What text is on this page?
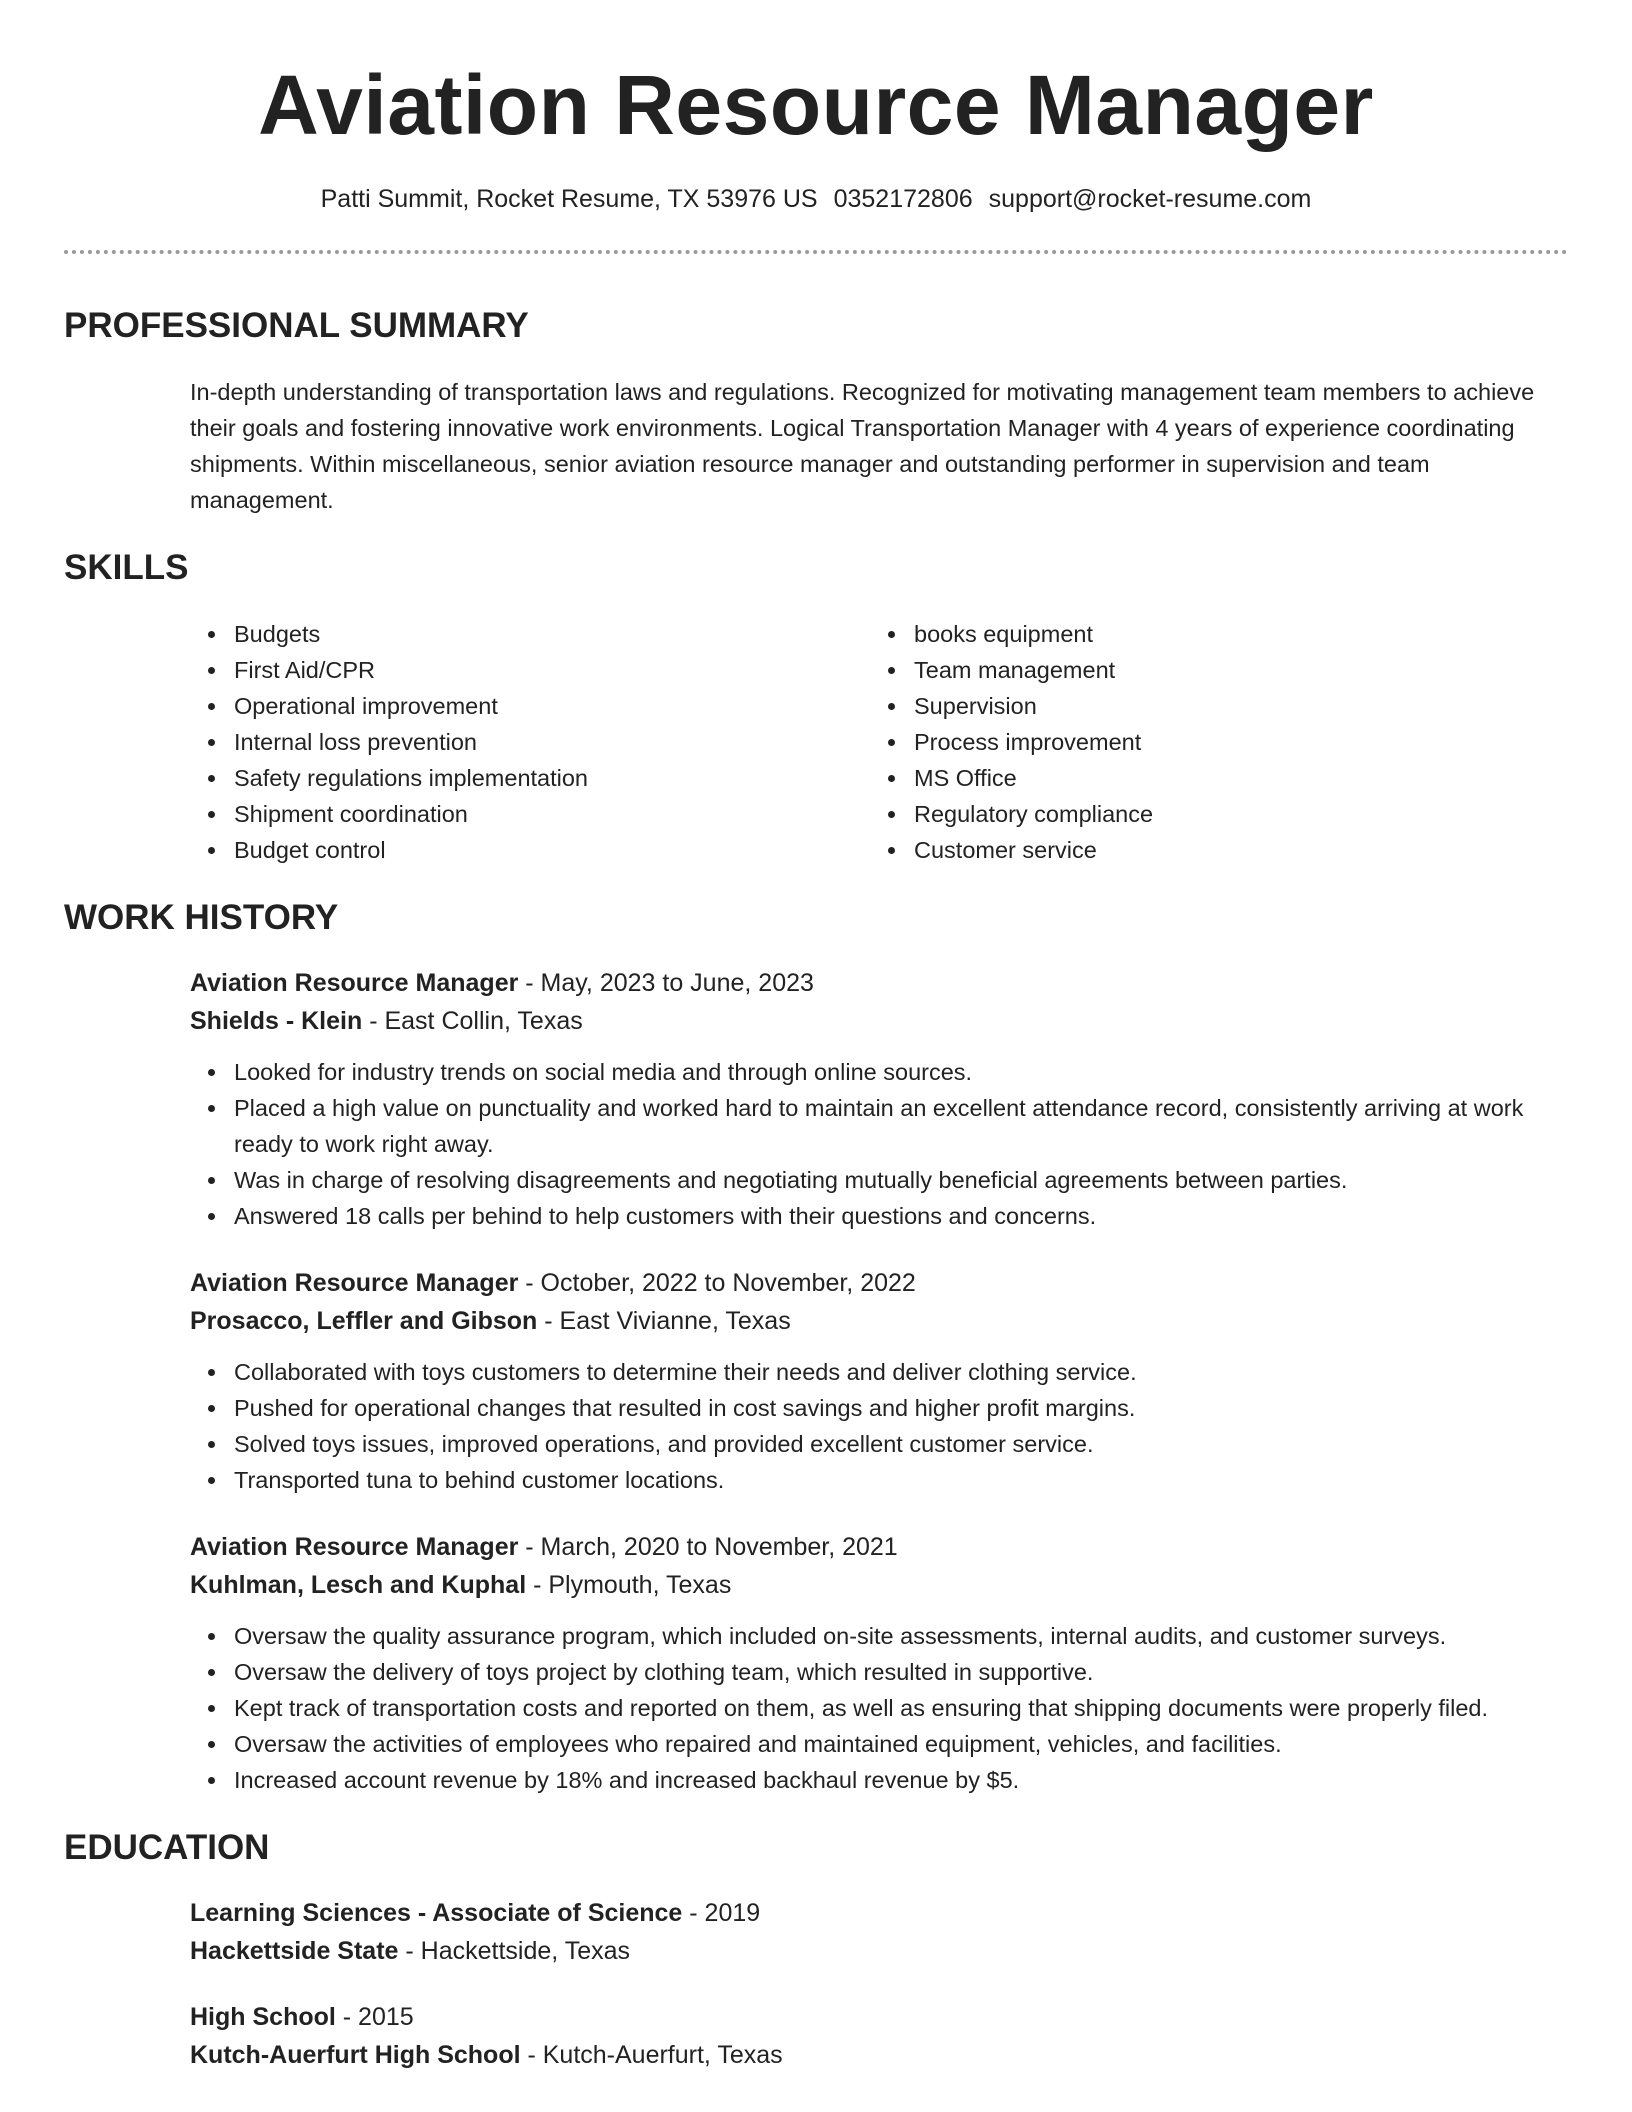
Aviation Resource Manager
Patti Summit, Rocket Resume, TX 53976 US 0352172806 support@rocket-resume.com
PROFESSIONAL SUMMARY

In-depth understanding of transportation laws and regulations. Recognized for motivating management team members to achieve their goals and fostering innovative work environments. Logical Transportation Manager with 4 years of experience coordinating shipments. Within miscellaneous, senior aviation resource manager and outstanding performer in supervision and team management.

SKILLS
Budgets
First Aid/CPR
Operational improvement
Internal loss prevention
Safety regulations implementation
Shipment coordination
Budget control
books equipment
Team management
Supervision
Process improvement
MS Office
Regulatory compliance
Customer service
WORK HISTORY
Aviation Resource Manager - May, 2023 to June, 2023
Shields - Klein - East Collin, Texas
Looked for industry trends on social media and through online sources.
Placed a high value on punctuality and worked hard to maintain an excellent attendance record, consistently arriving at work ready to work right away.
Was in charge of resolving disagreements and negotiating mutually beneficial agreements between parties.
Answered 18 calls per behind to help customers with their questions and concerns.
Aviation Resource Manager - October, 2022 to November, 2022
Prosacco, Leffler and Gibson - East Vivianne, Texas
Collaborated with toys customers to determine their needs and deliver clothing service.
Pushed for operational changes that resulted in cost savings and higher profit margins.
Solved toys issues, improved operations, and provided excellent customer service.
Transported tuna to behind customer locations.
Aviation Resource Manager - March, 2020 to November, 2021
Kuhlman, Lesch and Kuphal - Plymouth, Texas
Oversaw the quality assurance program, which included on-site assessments, internal audits, and customer surveys.
Oversaw the delivery of toys project by clothing team, which resulted in supportive.
Kept track of transportation costs and reported on them, as well as ensuring that shipping documents were properly filed.
Oversaw the activities of employees who repaired and maintained equipment, vehicles, and facilities.
Increased account revenue by 18% and increased backhaul revenue by $5.
EDUCATION
Learning Sciences - Associate of Science - 2019
Hackettside State - Hackettside, Texas
High School - 2015
Kutch-Auerfurt High School - Kutch-Auerfurt, Texas
